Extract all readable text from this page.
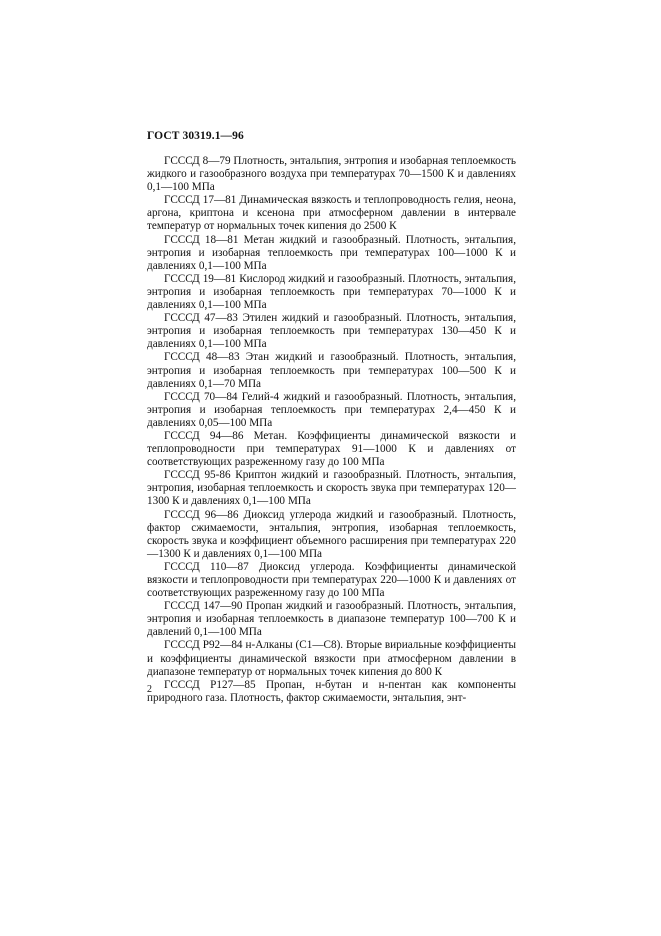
ГОСТ 30319.1—96

ГСССД 8—79 Плотность, энтальпия, энтропия и изобарная теплоемкость жидкого и газообразного воздуха при температурах 70—1500 К и давлениях 0,1—100 МПа

ГСССД 17—81 Динамическая вязкость и теплопроводность гелия, неона, аргона, криптона и ксенона при атмосферном давлении в интервале температур от нормальных точек кипения до 2500 К

ГСССД 18—81 Метан жидкий и газообразный. Плотность, энтальпия, энтропия и изобарная теплоемкость при температурах 100—1000 К и давлениях 0,1—100 МПа

ГСССД 19—81 Кислород жидкий и газообразный. Плотность, энтальпия, энтропия и изобарная теплоемкость при температурах 70—1000 К и давлениях 0,1—100 МПа

ГСССД 47—83 Этилен жидкий и газообразный. Плотность, энтальпия, энтропия и изобарная теплоемкость при температурах 130—450 К и давлениях 0,1—100 МПа

ГСССД 48—83 Этан жидкий и газообразный. Плотность, энтальпия, энтропия и изобарная теплоемкость при температурах 100—500 К и давлениях 0,1—70 МПа

ГСССД 70—84 Гелий-4 жидкий и газообразный. Плотность, энтальпия, энтропия и изобарная теплоемкость при температурах 2,4—450 К и давлениях 0,05—100 МПа

ГСССД 94—86 Метан. Коэффициенты динамической вязкости и теплопроводности при температурах 91—1000 К и давлениях от соответствующих разреженному газу до 100 МПа

ГСССД 95-86 Криптон жидкий и газообразный. Плотность, энтальпия, энтропия, изобарная теплоемкость и скорость звука при температурах 120—1300 К и давлениях 0,1—100 МПа

ГСССД 96—86 Диоксид углерода жидкий и газообразный. Плотность, фактор сжимаемости, энтальпия, энтропия, изобарная теплоемкость, скорость звука и коэффициент объемного расширения при температурах 220—1300 К и давлениях 0,1—100 МПа

ГСССД 110—87 Диоксид углерода. Коэффициенты динамической вязкости и теплопроводности при температурах 220—1000 К и давлениях от соответствующих разреженному газу до 100 МПа

ГСССД 147—90 Пропан жидкий и газообразный. Плотность, энтальпия, энтропия и изобарная теплоемкость в диапазоне температур 100—700 К и давлений 0,1—100 МПа

ГСССД Р92—84 н-Алканы (С1—С8). Вторые вириальные коэффициенты и коэффициенты динамической вязкости при атмосферном давлении в диапазоне температур от нормальных точек кипения до 800 К

ГСССД Р127—85 Пропан, н-бутан и н-пентан как компоненты природного газа. Плотность, фактор сжимаемости, энтальпия, энт-

2
